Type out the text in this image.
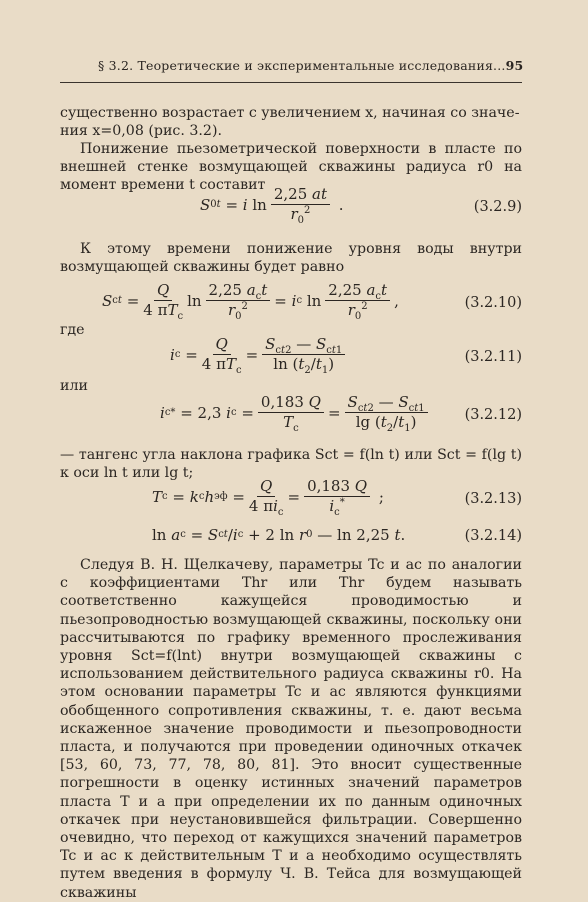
§ 3.2. Теоретические и экспериментальные исследования... 95

существенно возрастает с увеличением x, начиная со значе-
ния x=0,08 (рис. 3.2).

Понижение пьезометрической поверхности в пласте по внешней стенке возмущающей скважины радиуса r0 на момент времени t составит

S 0t = i $\ln \frac{2,25 at}{r_0^2}$ .	(3.2.9)

К этому времени понижение уровня воды внутри возмущающей скважины будет равно

S ct = $\frac{Q}{4 \pi T_c}$ $\ln \frac{2,25 a_ct}{r_0^2} = i$ c $\ln \frac{2,25 a_ct}{r_0^2}$ ,	(3.2.10)
где
i $c = \frac{Q}{4 \pi T_c} = \frac{S_{ct2} — S_{ct1}}{\ln (t_2/t_1)}$	(3.2.11)
или
i c * = 2,3 i $c = \frac{0,183 Q}{T_c} = \frac{S_{ct2} — S_{ct1}}{\lg (t_2/t_1)}$	(3.2.12)

— тангенс угла наклона графика Sct = f(ln t) или Sct = f(lg t) к оси ln t или lg t;

T c = k c h эф = $\frac{Q}{4 \pi i_c} = \frac{0,183 Q}{i_c^*}$ ;	(3.2.13)
ln a c = S ct / i c + 2 ln r 0 — ln 2,25 t .	(3.2.14)

Следуя В. Н. Щелкачеву, параметры Tc и ac по аналогии с коэффициентами Thr или Thr будем называть соответственно кажущейся проводимостью и пьезопроводностью возмущающей скважины, поскольку они рассчитываются по графику временного прослеживания уровня Sct=f(lnt) внутри возмущающей скважины с использованием действительного радиуса скважины r0. На этом основании параметры Tc и ac являются функциями обобщенного сопротивления скважины, т. е. дают весьма искаженное значение проводимости и пьезопроводности пласта, и получаются при проведении одиночных откачек [53, 60, 73, 77, 78, 80, 81]. Это вносит существенные погрешности в оценку истинных значений параметров пласта T и a при определении их по данным одиночных откачек при неустановившейся фильтрации. Совершенно очевидно, что переход от кажущихся значений параметров Tc и ac к действительным T и a необходимо осуществлять путем введения в формулу Ч. В. Тейса для возмущающей скважины
